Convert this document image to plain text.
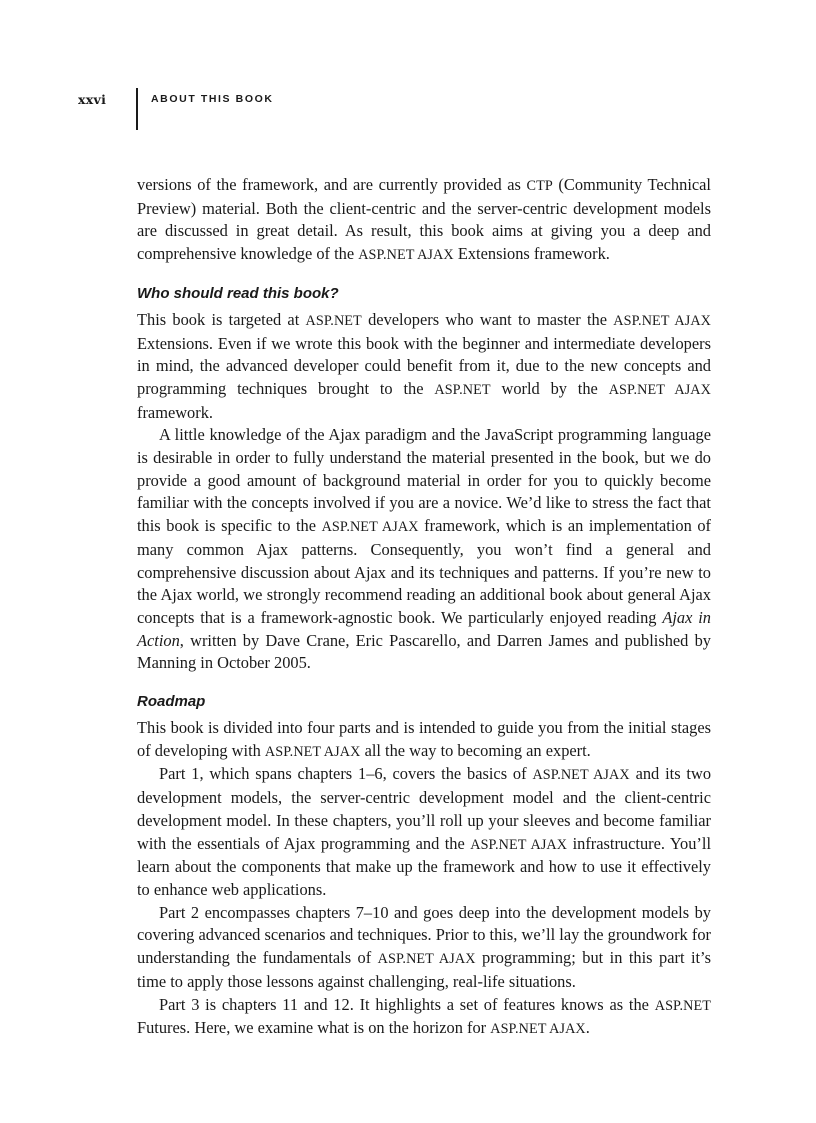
xxvi	ABOUT THIS BOOK

versions of the framework, and are currently provided as CTP (Community Technical Preview) material. Both the client-centric and the server-centric development models are discussed in great detail. As result, this book aims at giving you a deep and comprehensive knowledge of the ASP.NET AJAX Extensions framework.

Who should read this book?

This book is targeted at ASP.NET developers who want to master the ASP.NET AJAX Extensions. Even if we wrote this book with the beginner and intermediate developers in mind, the advanced developer could benefit from it, due to the new concepts and programming techniques brought to the ASP.NET world by the ASP.NET AJAX framework.

A little knowledge of the Ajax paradigm and the JavaScript programming language is desirable in order to fully understand the material presented in the book, but we do provide a good amount of background material in order for you to quickly become familiar with the concepts involved if you are a novice. We’d like to stress the fact that this book is specific to the ASP.NET AJAX framework, which is an implementation of many common Ajax patterns. Consequently, you won’t find a general and comprehensive discussion about Ajax and its techniques and patterns. If you’re new to the Ajax world, we strongly recommend reading an additional book about general Ajax concepts that is a framework-agnostic book. We particularly enjoyed reading Ajax in Action, written by Dave Crane, Eric Pascarello, and Darren James and published by Manning in October 2005.

Roadmap

This book is divided into four parts and is intended to guide you from the initial stages of developing with ASP.NET AJAX all the way to becoming an expert.

Part 1, which spans chapters 1–6, covers the basics of ASP.NET AJAX and its two development models, the server-centric development model and the client-centric development model. In these chapters, you’ll roll up your sleeves and become familiar with the essentials of Ajax programming and the ASP.NET AJAX infrastructure. You’ll learn about the components that make up the framework and how to use it effectively to enhance web applications.

Part 2 encompasses chapters 7–10 and goes deep into the development models by covering advanced scenarios and techniques. Prior to this, we’ll lay the groundwork for understanding the fundamentals of ASP.NET AJAX programming; but in this part it’s time to apply those lessons against challenging, real-life situations.

Part 3 is chapters 11 and 12. It highlights a set of features knows as the ASP.NET Futures. Here, we examine what is on the horizon for ASP.NET AJAX.
